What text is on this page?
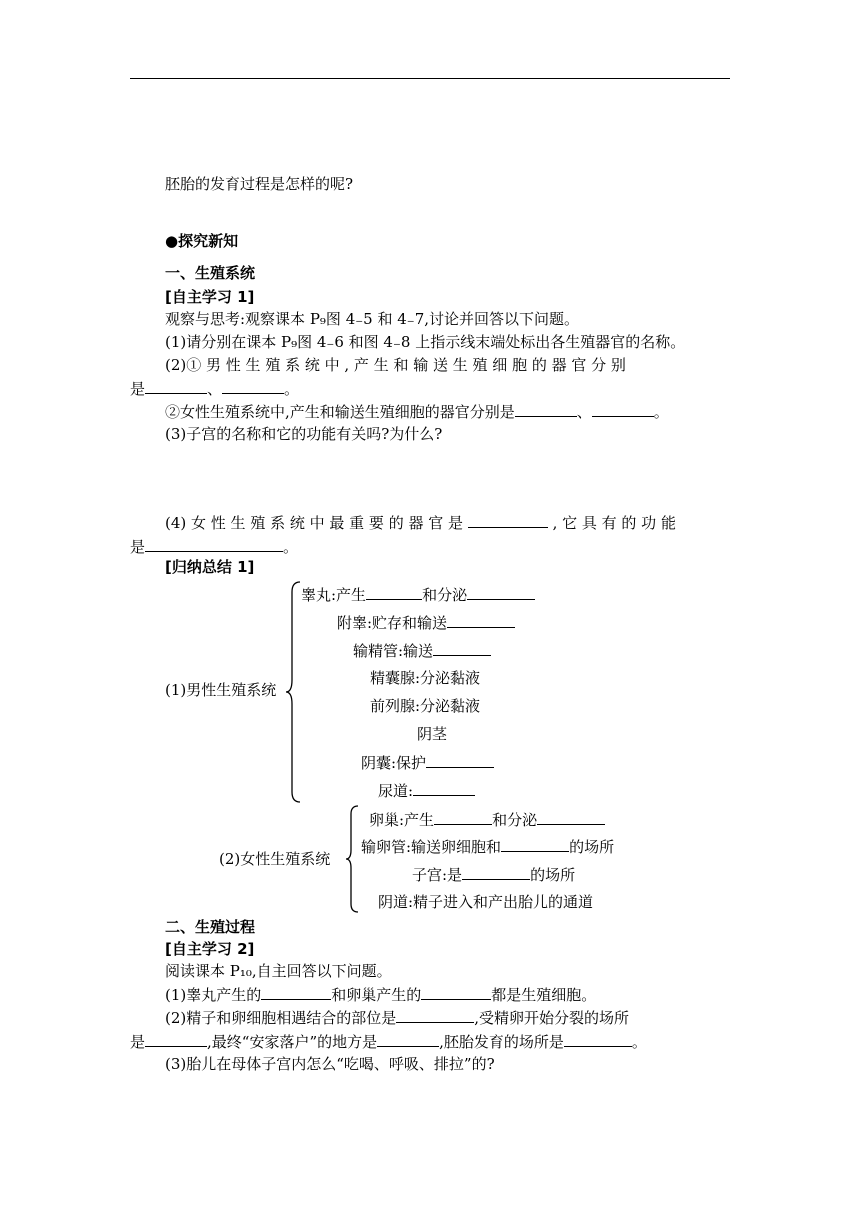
胚胎的发育过程是怎样的呢?
●探究新知
一、生殖系统
[自主学习 1]
观察与思考:观察课本 P₉图 4₋5 和 4₋7,讨论并回答以下问题。
(1)请分别在课本 P₉图 4₋6 和图 4₋8 上指示线末端处标出各生殖器官的名称。
(2)① 男 性 生 殖 系 统 中 , 产 生 和 输 送 生 殖 细 胞 的 器 官 分 别
是	、	。
②女性生殖系统中,产生和输送生殖细胞的器官分别是	、	。
(3)子宫的名称和它的功能有关吗?为什么?
(4) 女 性 生 殖 系 统 中 最 重 要 的 器 官 是	, 它 具 有 的 功 能
是	。
[归纳总结 1]
(1)男性生殖系统
睾丸:产生	和分泌
附睾:贮存和输送
输精管:输送
精囊腺:分泌黏液
前列腺:分泌黏液
阴茎
阴囊:保护
尿道:
(2)女性生殖系统
卵巢:产生	和分泌
输卵管:输送卵细胞和	的场所
子宫:是	的场所
阴道:精子进入和产出胎儿的通道
二、生殖过程
[自主学习 2]
阅读课本 P₁₀,自主回答以下问题。
(1)睾丸产生的	和卵巢产生的	都是生殖细胞。
(2)精子和卵细胞相遇结合的部位是	,受精卵开始分裂的场所
是	,最终“安家落户”的地方是	,胚胎发育的场所是	。
(3)胎儿在母体子宫内怎么“吃喝、呼吸、排拉”的?
